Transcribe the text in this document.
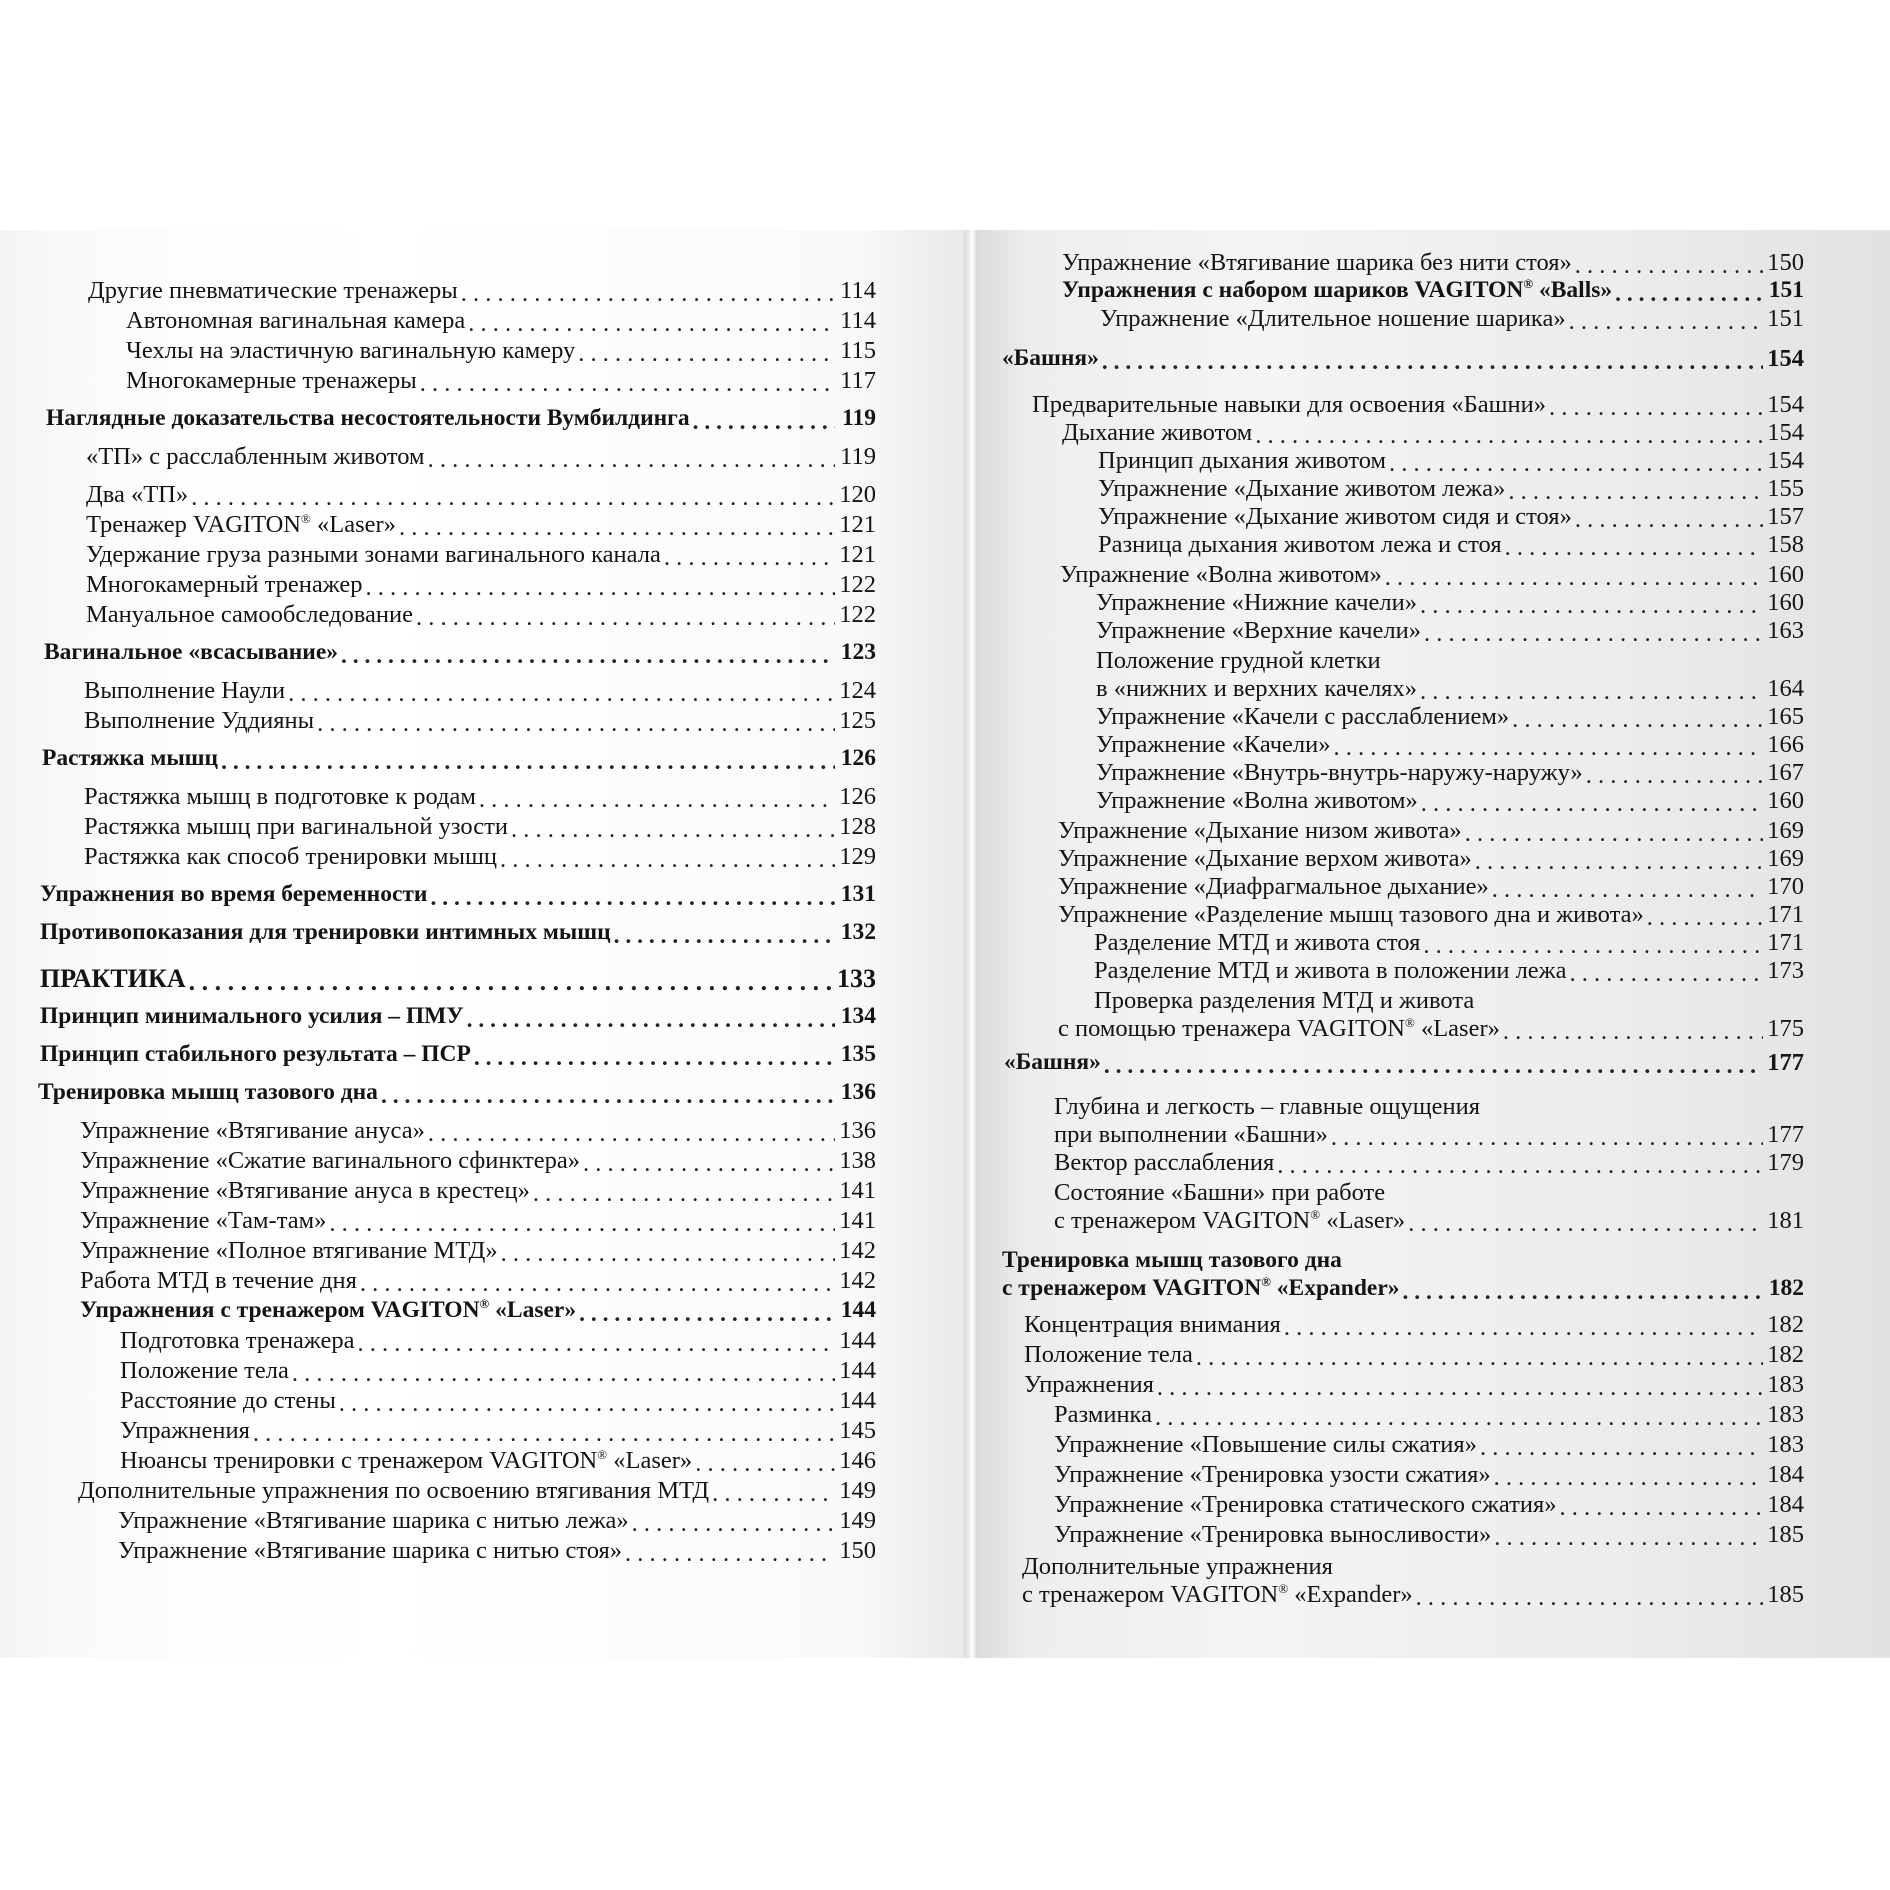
Другие пневматические тренажеры . . .	114
Автономная вагинальная камера . . .	114
Чехлы на эластичную вагинальную камеру . . .	115
Многокамерные тренажеры . . .	117
Наглядные доказательства несостоятельности Вумбилдинга . . .	119
«ТП» с расслабленным животом . . .	119
Два «ТП» . . .	120
Тренажер VAGITON® «Laser» . . .	121
Удержание груза разными зонами вагинального канала . . .	121
Многокамерный тренажер . . .	122
Мануальное самообследование . . .	122
Вагинальное «всасывание» . . .	123
Выполнение Наули . . .	124
Выполнение Уддияны . . .	125
Растяжка мышц . . .	126
Растяжка мышц в подготовке к родам . . .	126
Растяжка мышц при вагинальной узости . . .	128
Растяжка как способ тренировки мышц . . .	129
Упражнения во время беременности . . .	131
Противопоказания для тренировки интимных мышц . . .	132
ПРАКТИКА . . .	133
Принцип минимального усилия – ПМУ . . .	134
Принцип стабильного результата – ПСР . . .	135
Тренировка мышц тазового дна . . .	136
Упражнение «Втягивание ануса» . . .	136
Упражнение «Сжатие вагинального сфинктера» . . .	138
Упражнение «Втягивание ануса в крестец» . . .	141
Упражнение «Там-там» . . .	141
Упражнение «Полное втягивание МТД» . . .	142
Работа МТД в течение дня . . .	142
Упражнения с тренажером VAGITON® «Laser» . . .	144
Подготовка тренажера . . .	144
Положение тела . . .	144
Расстояние до стены . . .	144
Упражнения . . .	145
Нюансы тренировки с тренажером VAGITON® «Laser» . . .	146
Дополнительные упражнения по освоению втягивания МТД . . .	149
Упражнение «Втягивание шарика с нитью лежа» . . .	149
Упражнение «Втягивание шарика с нитью стоя» . . .	150
Упражнение «Втягивание шарика без нити стоя» . . .	150
Упражнения с набором шариков VAGITON® «Balls» . . .	151
Упражнение «Длительное ношение шарика» . . .	151
«Башня» . . .	154
Предварительные навыки для освоения «Башни» . . .	154
Дыхание животом . . .	154
Принцип дыхания животом . . .	154
Упражнение «Дыхание животом лежа» . . .	155
Упражнение «Дыхание животом сидя и стоя» . . .	157
Разница дыхания животом лежа и стоя . . .	158
Упражнение «Волна животом» . . .	160
Упражнение «Нижние качели» . . .	160
Упражнение «Верхние качели» . . .	163
Положение грудной клетки
в «нижних и верхних качелях» . . .	164
Упражнение «Качели с расслаблением» . . .	165
Упражнение «Качели» . . .	166
Упражнение «Внутрь-внутрь-наружу-наружу» . . .	167
Упражнение «Волна животом» . . .	160
Упражнение «Дыхание низом живота» . . .	169
Упражнение «Дыхание верхом живота» . . .	169
Упражнение «Диафрагмальное дыхание» . . .	170
Упражнение «Разделение мышц тазового дна и живота» . . .	171
Разделение МТД и живота стоя . . .	171
Разделение МТД и живота в положении лежа . . .	173
Проверка разделения МТД и живота
с помощью тренажера VAGITON® «Laser» . . .	175
«Башня» . . .	177
Глубина и легкость – главные ощущения
при выполнении «Башни» . . .	177
Вектор расслабления . . .	179
Состояние «Башни» при работе
с тренажером VAGITON® «Laser» . . .	181
Тренировка мышц тазового дна
с тренажером VAGITON® «Expander» . . .	182
Концентрация внимания . . .	182
Положение тела . . .	182
Упражнения . . .	183
Разминка . . .	183
Упражнение «Повышение силы сжатия» . . .	183
Упражнение «Тренировка узости сжатия» . . .	184
Упражнение «Тренировка статического сжатия» . . .	184
Упражнение «Тренировка выносливости» . . .	185
Дополнительные упражнения
с тренажером VAGITON® «Expander» . . .	185
